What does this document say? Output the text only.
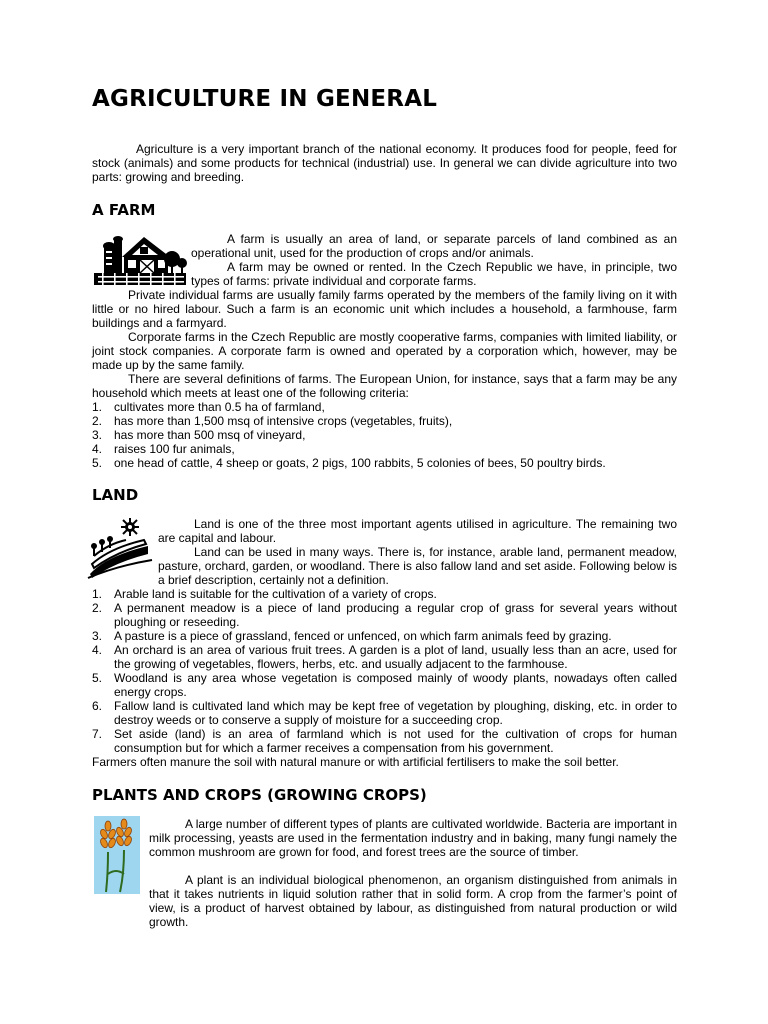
AGRICULTURE IN GENERAL

Agriculture is a very important branch of the national economy. It produces food for people, feed for stock (animals) and some products for technical (industrial) use. In general we can divide agriculture into two parts: growing and breeding.

A FARM

A farm is usually an area of land, or separate parcels of land combined as an operational unit, used for the production of crops and/or animals.

A farm may be owned or rented. In the Czech Republic we have, in principle, two types of farms: private individual and corporate farms.

Private individual farms are usually family farms operated by the members of the family living on it with little or no hired labour. Such a farm is an economic unit which includes a household, a farmhouse, farm buildings and a farmyard.

Corporate farms in the Czech Republic are mostly cooperative farms, companies with limited liability, or joint stock companies. A corporate farm is owned and operated by a corporation which, however, may be made up by the same family.

There are several definitions of farms. The European Union, for instance, says that a farm may be any household which meets at least one of the following criteria:

1. cultivates more than 0.5 ha of farmland,
2. has more than 1,500 msq of intensive crops (vegetables, fruits),
3. has more than 500 msq of vineyard,
4. raises 100 fur animals,
5. one head of cattle, 4 sheep or goats, 2 pigs, 100 rabbits, 5 colonies of bees, 50 poultry birds.
LAND

Land is one of the three most important agents utilised in agriculture. The remaining two are capital and labour.

Land can be used in many ways. There is, for instance, arable land, permanent meadow, pasture, orchard, garden, or woodland. There is also fallow land and set aside. Following below is a brief description, certainly not a definition.

1. Arable land is suitable for the cultivation of a variety of crops.
2. A permanent meadow is a piece of land producing a regular crop of grass for several years without ploughing or reseeding.
3. A pasture is a piece of grassland, fenced or unfenced, on which farm animals feed by grazing.
4. An orchard is an area of various fruit trees. A garden is a plot of land, usually less than an acre, used for the growing of vegetables, flowers, herbs, etc. and usually adjacent to the farmhouse.
5. Woodland is any area whose vegetation is composed mainly of woody plants, nowadays often called energy crops.
6. Fallow land is cultivated land which may be kept free of vegetation by ploughing, disking, etc. in order to destroy weeds or to conserve a supply of moisture for a succeeding crop.
7. Set aside (land) is an area of farmland which is not used for the cultivation of crops for human consumption but for which a farmer receives a compensation from his government.

Farmers often manure the soil with natural manure or with artificial fertilisers to make the soil better.

PLANTS AND CROPS (GROWING CROPS)

A large number of different types of plants are cultivated worldwide. Bacteria are important in milk processing, yeasts are used in the fermentation industry and in baking, many fungi namely the common mushroom are grown for food, and forest trees are the source of timber.

A plant is an individual biological phenomenon, an organism distinguished from animals in that it takes nutrients in liquid solution rather that in solid form. A crop from the farmer’s point of view, is a product of harvest obtained by labour, as distinguished from natural production or wild growth.
